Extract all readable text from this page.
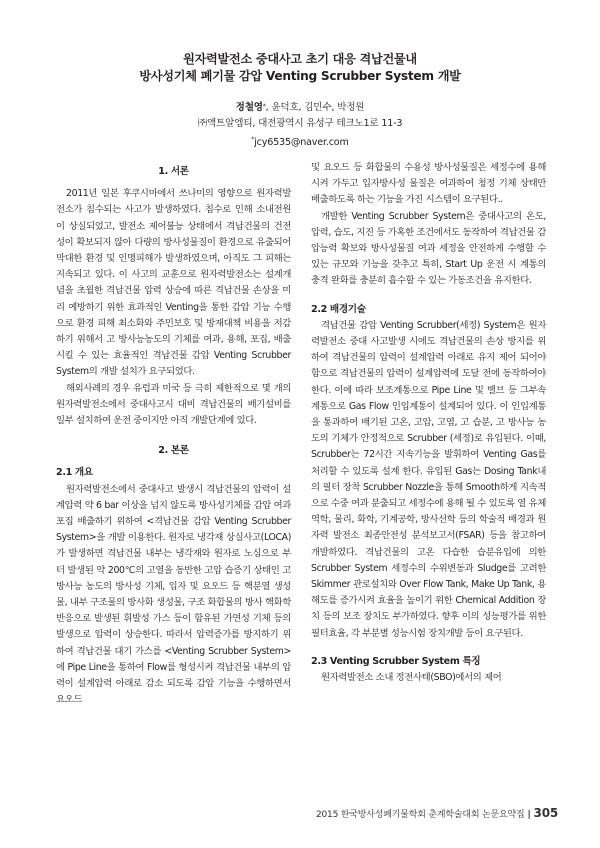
원자력발전소 중대사고 초기 대응 격납건물내
방사성기체 폐기물 감압 Venting Scrubber System 개발
정철영*, 윤덕호, 김민수, 박정원
㈜액트알엠티, 대전광역시 유성구 테크노1로 11-3
*jcy6535@naver.com
1. 서론

2011년 일본 후쿠시마에서 쓰나미의 영향으로 원자력발전소가 침수되는 사고가 발생하였다. 침수로 인해 소내전원이 상실되었고, 발전소 제어불능 상태에서 격납건물의 건전성이 확보되지 않아 다량의 방사성물질이 환경으로 유출되어 막대한 환경 및 인명피해가 발생하였으며, 아직도 그 피해는 지속되고 있다. 이 사고의 교훈으로 원자력발전소는 설계개념을 초월한 격납건물 압력 상승에 따른 격납건물 손상을 미리 예방하기 위한 효과적인 Venting을 통한 감압 기능 수행으로 환경 피해 최소화와 주민보호 및 방재대책 비용을 저감하기 위해서 고 방사능농도의 기체를 여과, 용해, 포집, 배출 시킬 수 있는 효율적인 격납건물 감압 Venting Scrubber System의 개발 설치가 요구되었다.

해외사례의 경우 유럽과 미국 등 극히 제한적으로 몇 개의 원자력발전소에서 중대사고시 대비 격납건물의 배기설비를 일부 설치하여 운전 중이지만 아직 개발단계에 있다.

2. 본론
2.1 개요

원자력발전소에서 중대사고 발생시 격납건물의 압력이 설계압력 약 6 bar 이상을 넘지 않도록 방사성기체를 감압 여과 포집 배출하기 위하여 <격납건물 감압 Venting Scrubber System>을 개발 이용한다. 원자로 냉각재 상실사고(LOCA)가 발생하면 격납건물 내부는 냉각재와 원자로 노심으로 부터 발생된 약 200℃의 고열을 동반한 고압 습증기 상태인 고 방사능 농도의 방사성 기체, 입자 및 요오드 등 핵분열 생성물, 내부 구조물의 방사화 생성물, 구조 화합물의 방사 핵화학 반응으로 발생된 휘발성 가스 등이 함유된 가연성 기체 등의 발생으로 압력이 상승한다. 따라서 압력증가를 방지하기 위하여 격납건물 대기 가스를 <Venting Scrubber System>에 Pipe Line을 통하여 Flow를 형성시켜 격납건물 내부의 압력이 설계압력 아래로 감소 되도록 감압 기능을 수행하면서 요오드

및 요오드 등 화합물의 수용성 방사성물질은 세정수에 용해시켜 가두고 입자방사성 물질은 여과하여 청정 기체 상태만 배출하도록 하는 기능을 가진 시스템이 요구된다..

개발한 Venting Scrubber System은 중대사고의 온도, 압력, 습도, 지진 등 가혹한 조건에서도 동작하여 격납건물 감압능력 확보와 방사성물질 여과 세정을 안전하게 수행할 수 있는 규모와 기능을 갖추고 특히, Start Up 운전 시 계통의 충격 완화를 충분히 흡수할 수 있는 가동조건을 유지한다.

2.2 배경기술

격납건물 감압 Venting Scrubber(세정) System은 원자력발전소 중대 사고발생 시에도 격납건물의 손상 방지를 위하여 격납건물의 압력이 설계압력 아래로 유지 제어 되어야 함으로 격납건물의 압력이 설계압력에 도달 전에 동작하여야 한다. 이에 따라 보조계통으로 Pipe Line 및 밸브 등 그부속 계통으로 Gas Flow 인입계통이 설계되어 있다. 이 인입계통을 통과하여 배기된 고온, 고압, 고염, 고 습분, 고 방사능 농도의 기체가 안정적으로 Scrubber (세정)로 유입된다. 이때, Scrubber는 72시간 지속기능을 발휘하여 Venting Gas를 처리할 수 있도록 설계 한다. 유입된 Gas는 Dosing Tank내의 필터 장착 Scrubber Nozzle을 통해 Smooth하게 지속적으로 수중 여과 분출되고 세정수에 용해 될 수 있도록 열 유체역학, 물리, 화학, 기계공학, 방사선학 등의 학술적 배경과 원자력 발전소 최종안전성 분석보고서(FSAR) 등을 참고하여 개발하였다. 격납건물의 고온 다습한 습분유입에 의한 Scrubber System 세정수의 수위변동과 Sludge를 고려한 Skimmer 관로설치와 Over Flow Tank, Make Up Tank, 용해도를 증가시켜 효율을 높이기 위한 Chemical Addition 장치 등의 보조 장치도 부가하였다. 향후 이의 성능평가를 위한 필터효율, 각 부분별 성능시험 장치개발 등이 요구된다.

2.3 Venting Scrubber System 특징

원자력발전소 소내 정전사태(SBO)에서의 제어

2015 한국방사성폐기물학회 춘계학술대회 논문요약집 | 305
